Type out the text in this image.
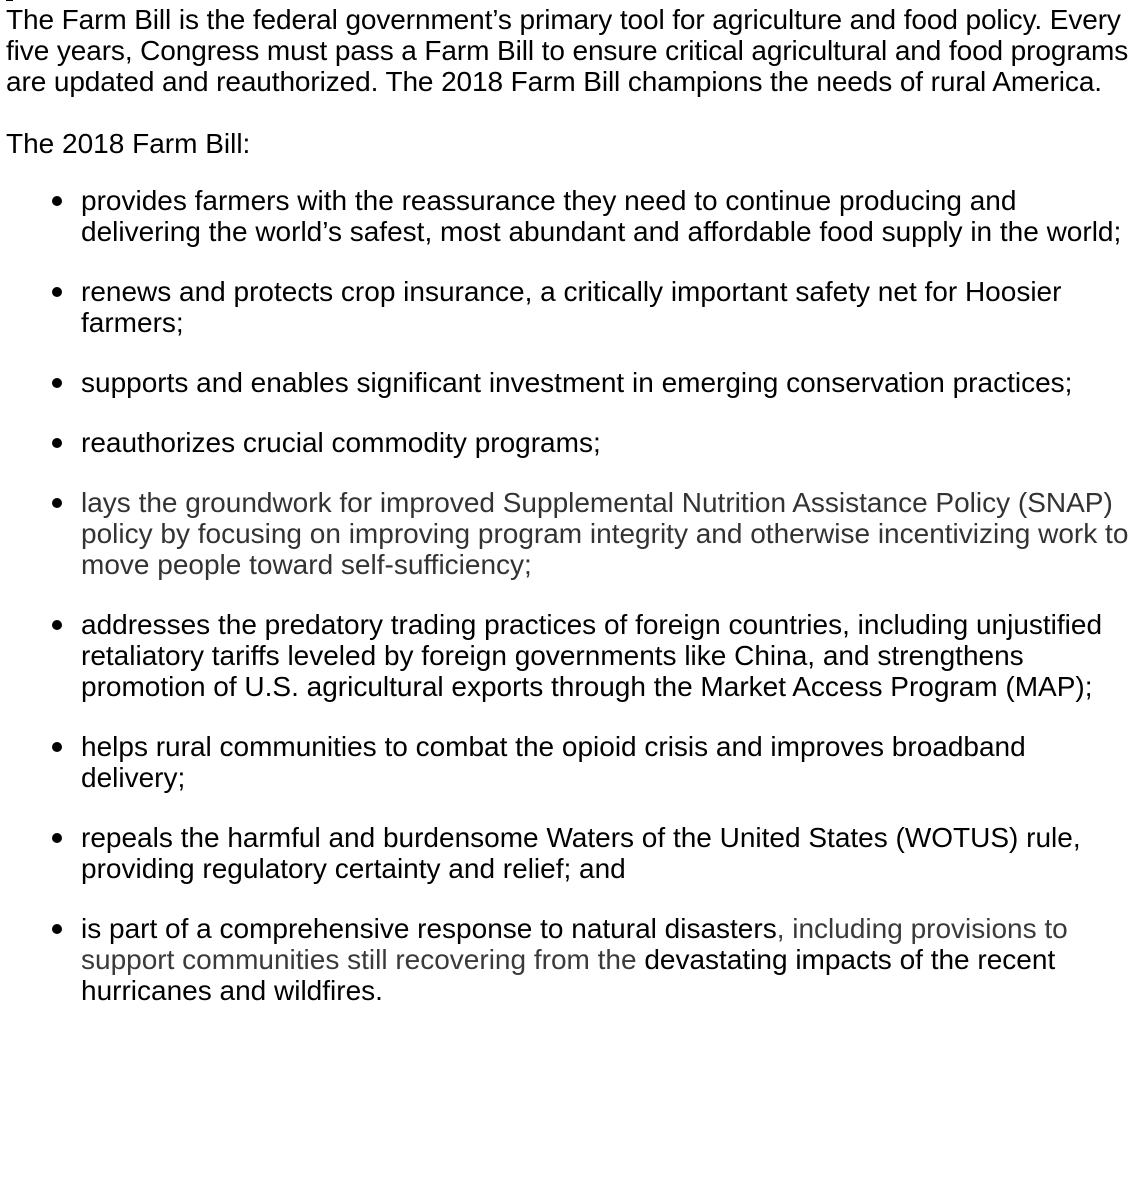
The Farm Bill is the federal government’s primary tool for agriculture and food policy. Every five years, Congress must pass a Farm Bill to ensure critical agricultural and food programs are updated and reauthorized. The 2018 Farm Bill champions the needs of rural America.

The 2018 Farm Bill:

provides farmers with the reassurance they need to continue producing and delivering the world’s safest, most abundant and affordable food supply in the world;
renews and protects crop insurance, a critically important safety net for Hoosier farmers;
supports and enables significant investment in emerging conservation practices;
reauthorizes crucial commodity programs;
lays the groundwork for improved Supplemental Nutrition Assistance Policy (SNAP) policy by focusing on improving program integrity and otherwise incentivizing work to move people toward self-sufficiency;
addresses the predatory trading practices of foreign countries, including unjustified retaliatory tariffs leveled by foreign governments like China, and strengthens promotion of U.S. agricultural exports through the Market Access Program (MAP);
helps rural communities to combat the opioid crisis and improves broadband delivery;
repeals the harmful and burdensome Waters of the United States (WOTUS) rule, providing regulatory certainty and relief; and
is part of a comprehensive response to natural disasters, including provisions to support communities still recovering from the devastating impacts of the recent hurricanes and wildfires.
